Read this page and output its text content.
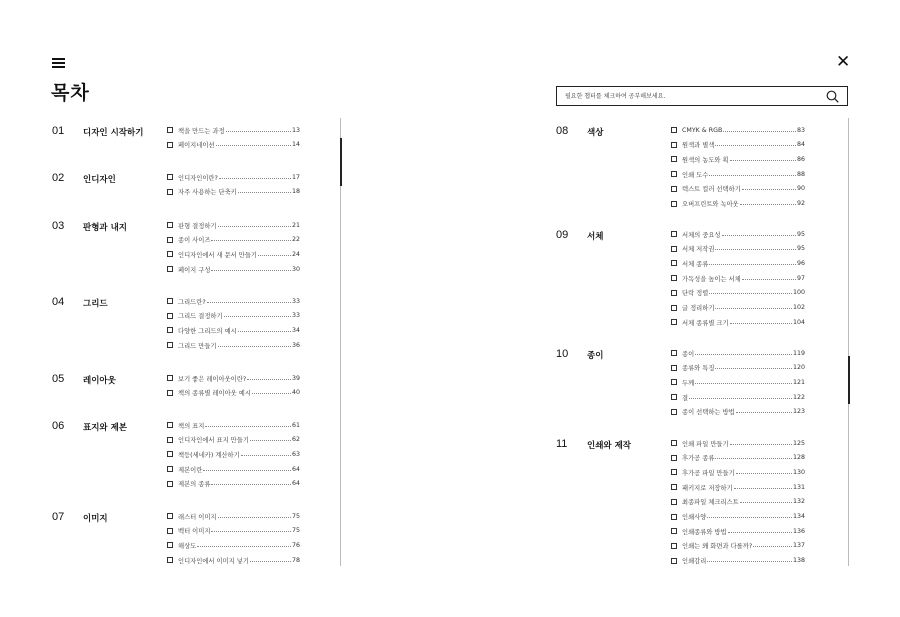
✕
목차
필요한 챕터를 체크하여 공부해보세요.
01 디자인 시작하기	책을 만드는 과정	13
페이지네이션	14
02 인디자인	인디자인이란?	17
자주 사용하는 단축키	18
03 판형과 내지	판형 결정하기	21
종이 사이즈	22
인디자인에서 새 문서 만들기	24
페이지 구성	30
04 그리드	그리드란?	33
그리드 결정하기	33
다양한 그리드의 예시	34
그리드 만들기	36
05 레이아웃	보기 좋은 레이아웃이란?	39
책의 종류별 레이아웃 예시	40
06 표지와 제본	책의 표지	61
인디자인에서 표지 만들기	62
책등(세네카) 계산하기	63
제본이란	64
제본의 종류	64
07 이미지	래스터 이미지	75
벡터 이미지	75
해상도	76
인디자인에서 이미지 넣기	78
08 색상	CMYK & RGB	83
원색과 별색	84
원색의 농도와 획	86
인쇄 도수	88
텍스트 컬러 선택하기	90
오버프린트와 녹아웃	92
09 서체	서체의 중요성	95
서체 저작권	95
서체 종류	96
가독성을 높이는 서체	97
단락 정렬	100
글 정리하기	102
서체 종류별 크기	104
10 종이	종이	119
종류와 특징	120
두께	121
결	122
종이 선택하는 방법	123
11 인쇄와 제작	인쇄 파일 만들기	125
후가공 종류	128
후가공 파일 만들기	130
패키지로 저장하기	131
최종파일 체크리스트	132
인쇄사양	134
인쇄종류와 방법	136
인쇄는 왜 화면과 다를까?	137
인쇄감리	138
